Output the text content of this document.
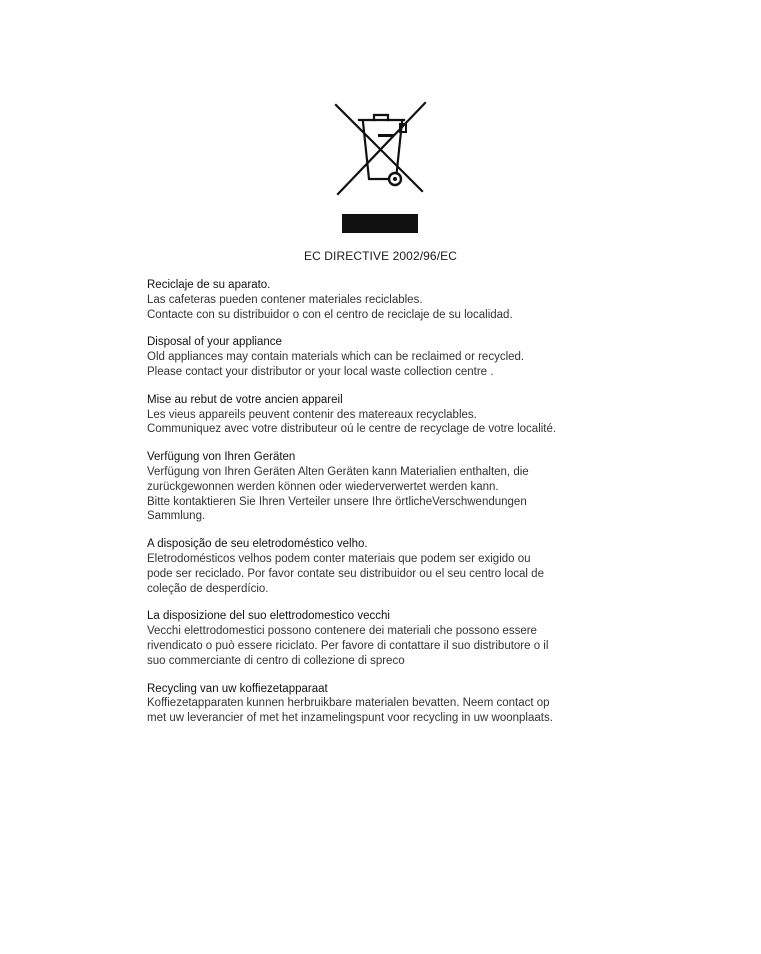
EC DIRECTIVE 2002/96/EC
Reciclaje de su aparato.
Las cafeteras pueden contener materiales reciclables.
Contacte con su distribuidor o con el centro de reciclaje de su localidad.
Disposal of your appliance
Old appliances may contain materials which can be reclaimed or recycled.
Please contact your distributor or your local waste collection centre .
Mise au rebut de votre ancien appareil
Les vieus appareils peuvent contenir des matereaux recyclables.
Communiquez avec votre distributeur oú le centre de recyclage de votre localité.
Verfügung von Ihren Geräten
Verfügung von Ihren Geräten Alten Geräten kann Materialien enthalten, die
zurückgewonnen werden können oder wiederverwertet werden kann.
Bitte kontaktieren Sie Ihren Verteiler unsere Ihre örtlicheVerschwendungen
Sammlung.
A disposição de seu eletrodoméstico velho.
Eletrodomésticos velhos podem conter materiais que podem ser exigido ou
pode ser reciclado. Por favor contate seu distribuidor ou el seu centro local de
coleção de desperdício.
La disposizione del suo elettrodomestico vecchi
Vecchi elettrodomestici possono contenere dei materiali che possono essere
rivendicato o può essere riciclato. Per favore di contattare il suo distributore o il
suo commerciante di centro di collezione di spreco
Recycling van uw koffiezetapparaat
Koffiezetapparaten kunnen herbruikbare materialen bevatten. Neem contact op
met uw leverancier of met het inzamelingspunt voor recycling in uw woonplaats.
